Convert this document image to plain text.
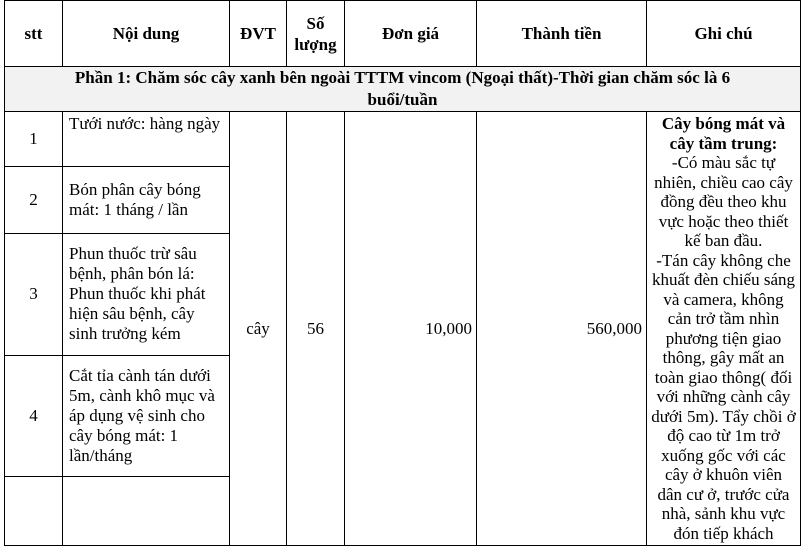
stt	Nội dung	ĐVT	Số lượng	Đơn giá	Thành tiền	Ghi chú
Phần 1: Chăm sóc cây xanh bên ngoài TTTM vincom (Ngoại thất)-Thời gian chăm sóc là 6 buổi/tuần						
1	Tưới nước: hàng ngày	cây	56	10,000	560,000	Cây bóng mát và cây tầm trung:
-Có màu sắc tự nhiên, chiều cao cây đồng đều theo khu vực hoặc theo thiết kế ban đầu.
-Tán cây không che khuất đèn chiếu sáng và camera, không cản trở tầm nhìn phương tiện giao thông, gây mất an toàn giao thông( đối với những cành cây dưới 5m). Tẩy chồi ở độ cao từ 1m trở xuống gốc với các cây ở khuôn viên dân cư ở, trước cửa nhà, sảnh khu vực đón tiếp khách

2	Bón phân cây bóng mát: 1 tháng / lần					
3	Phun thuốc trừ sâu bệnh, phân bón lá: Phun thuốc khi phát hiện sâu bệnh, cây sinh trưởng kém					
4	Cắt tỉa cành tán dưới 5m, cành khô mục và áp dụng vệ sinh cho cây bóng mát: 1 lần/tháng					
